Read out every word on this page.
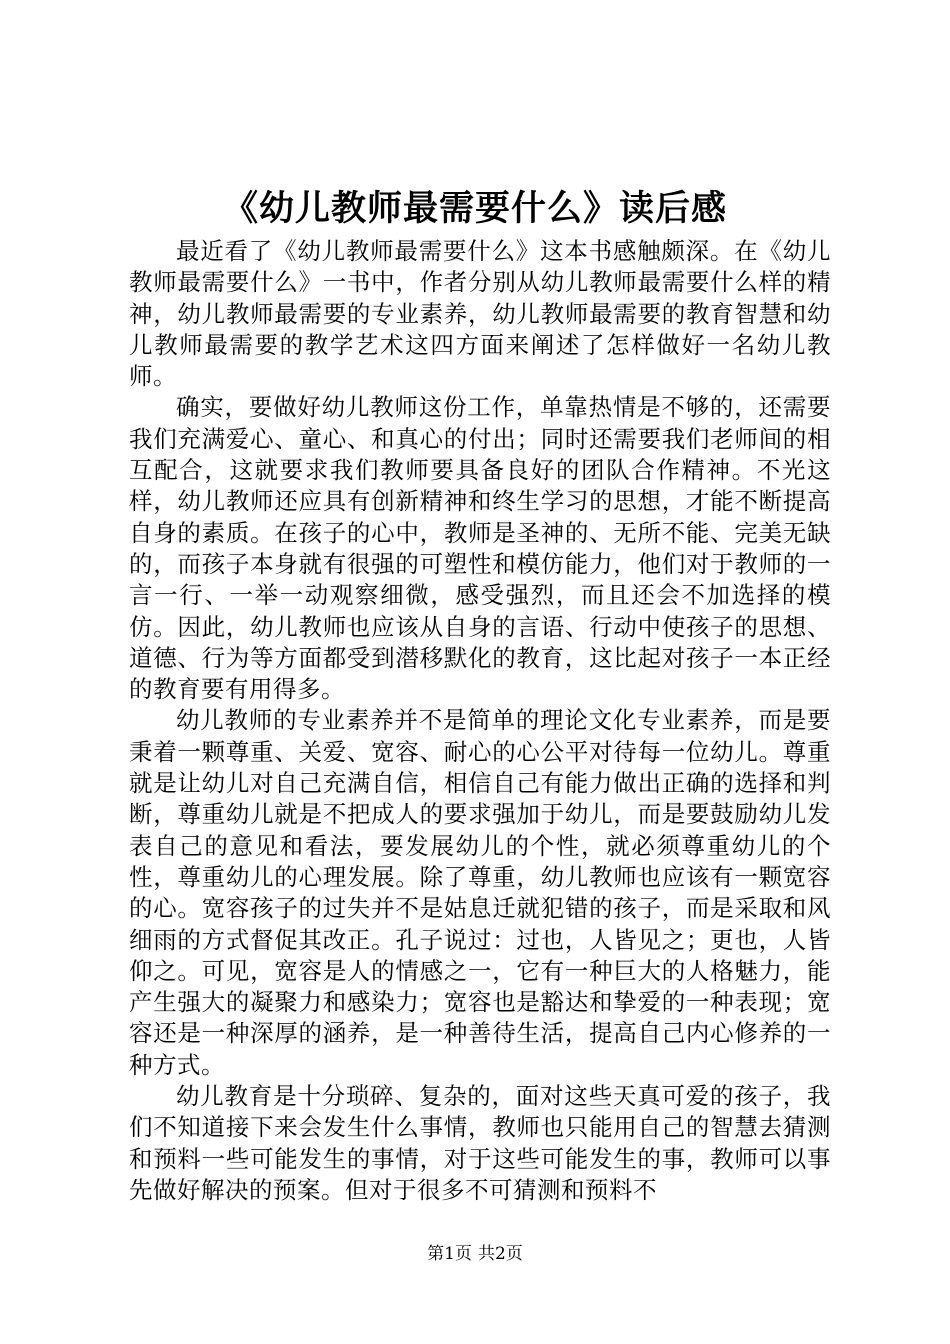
《幼儿教师最需要什么》读后感

最近看了《幼儿教师最需要什么》这本书感触颇深。在《幼儿教师最需要什么》一书中，作者分别从幼儿教师最需要什么样的精神，幼儿教师最需要的专业素养，幼儿教师最需要的教育智慧和幼儿教师最需要的教学艺术这四方面来阐述了怎样做好一名幼儿教师。

确实，要做好幼儿教师这份工作，单靠热情是不够的，还需要我们充满爱心、童心、和真心的付出；同时还需要我们老师间的相互配合，这就要求我们教师要具备良好的团队合作精神。不光这样，幼儿教师还应具有创新精神和终生学习的思想，才能不断提高自身的素质。在孩子的心中，教师是圣神的、无所不能、完美无缺的，而孩子本身就有很强的可塑性和模仿能力，他们对于教师的一言一行、一举一动观察细微，感受强烈，而且还会不加选择的模仿。因此，幼儿教师也应该从自身的言语、行动中使孩子的思想、道德、行为等方面都受到潜移默化的教育，这比起对孩子一本正经的教育要有用得多。

幼儿教师的专业素养并不是简单的理论文化专业素养，而是要秉着一颗尊重、关爱、宽容、耐心的心公平对待每一位幼儿。尊重就是让幼儿对自己充满自信，相信自己有能力做出正确的选择和判断，尊重幼儿就是不把成人的要求强加于幼儿，而是要鼓励幼儿发表自己的意见和看法，要发展幼儿的个性，就必须尊重幼儿的个性，尊重幼儿的心理发展。除了尊重，幼儿教师也应该有一颗宽容的心。宽容孩子的过失并不是姑息迁就犯错的孩子，而是采取和风细雨的方式督促其改正。孔子说过：过也，人皆见之；更也，人皆仰之。可见，宽容是人的情感之一，它有一种巨大的人格魅力，能产生强大的凝聚力和感染力；宽容也是豁达和挚爱的一种表现；宽容还是一种深厚的涵养，是一种善待生活，提高自己内心修养的一种方式。

幼儿教育是十分琐碎、复杂的，面对这些天真可爱的孩子，我们不知道接下来会发生什么事情，教师也只能用自己的智慧去猜测和预料一些可能发生的事情，对于这些可能发生的事，教师可以事先做好解决的预案。但对于很多不可猜测和预料不

第1页 共2页
